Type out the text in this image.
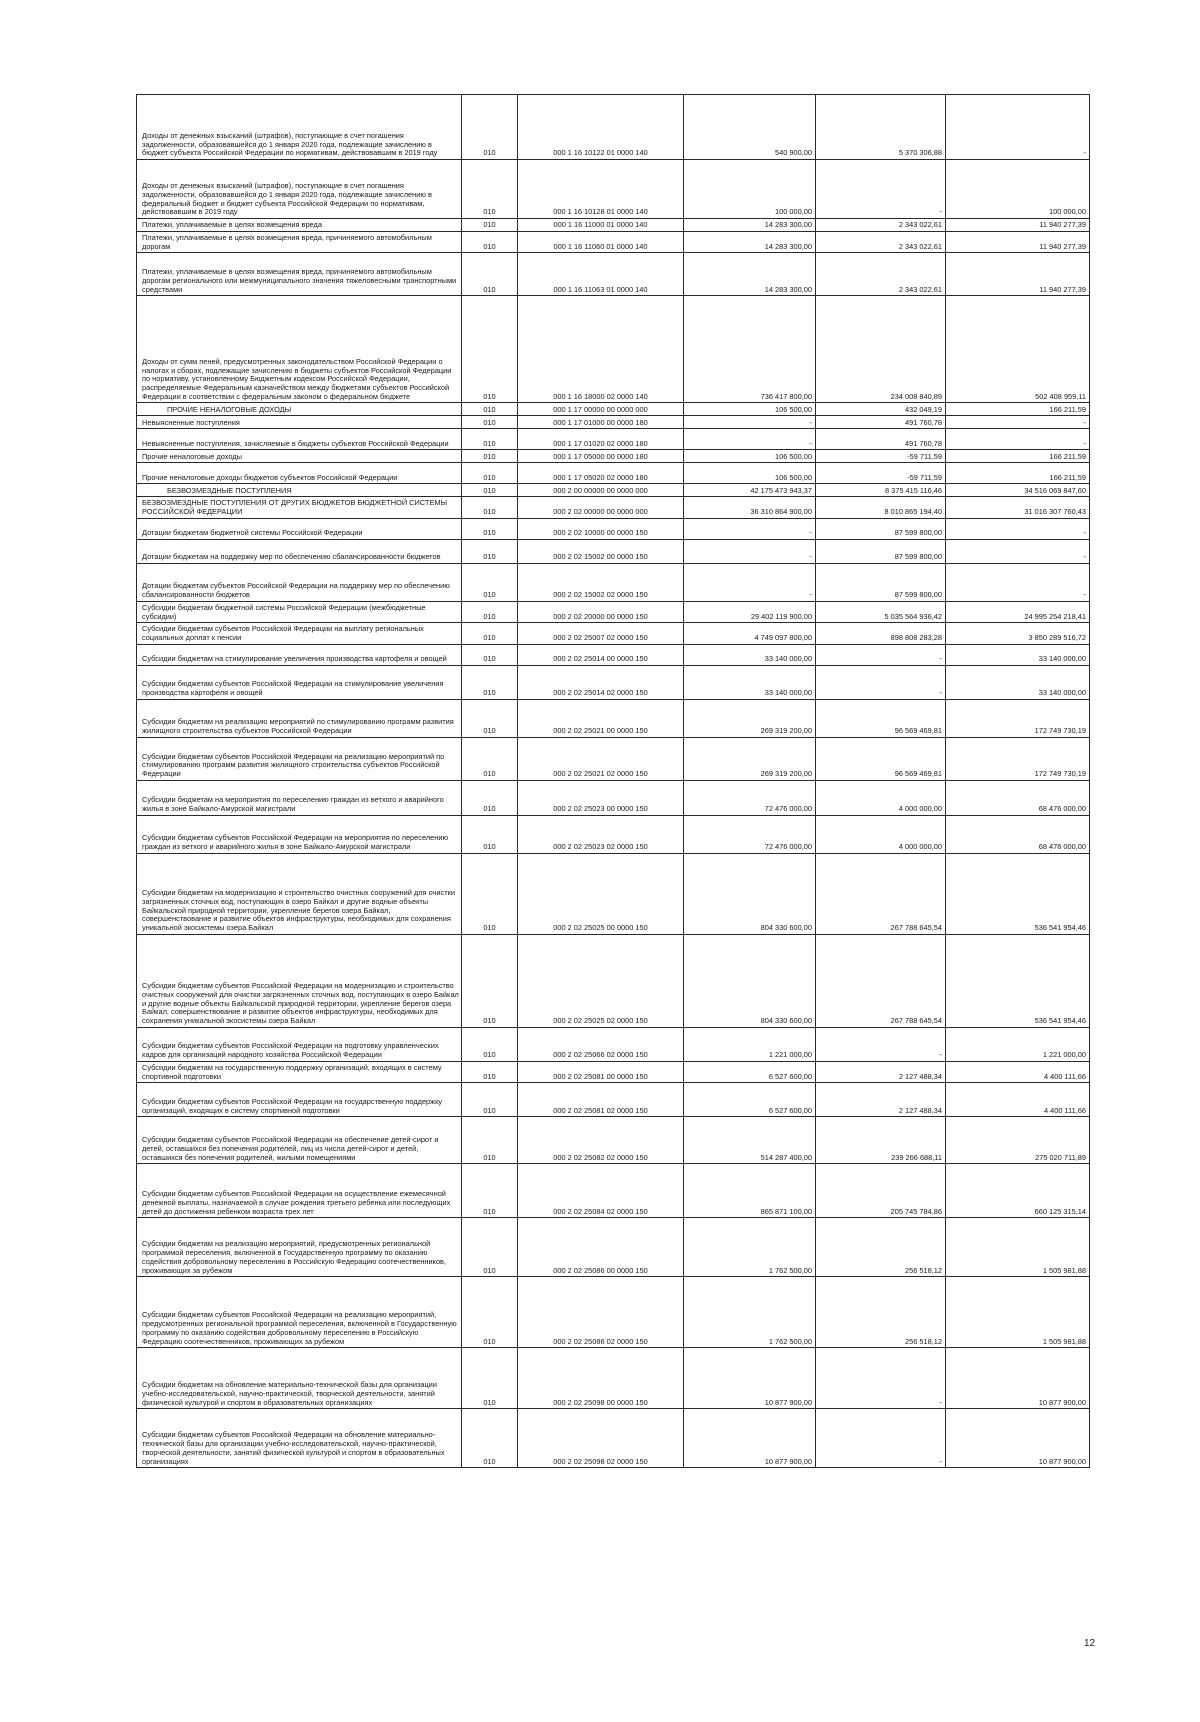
Доходы от денежных взысканий (штрафов), поступающие в счет погашения задолженности, образовавшейся до 1 января 2020 года, подлежащие зачислению в бюджет субъекта Российской Федерации по нормативам, действовавшим в 2019 году	010	000 1 16 10122 01 0000 140	540 900,00	5 370 306,88	-
Доходы от денежных взысканий (штрафов), поступающие в счет погашения задолженности, образовавшейся до 1 января 2020 года, подлежащие зачислению в федеральный бюджет и бюджет субъекта Российской Федерации по нормативам, действовавшим в 2019 году	010	000 1 16 10128 01 0000 140	100 000,00	-	100 000,00
Платежи, уплачиваемые в целях возмещения вреда	010	000 1 16 11000 01 0000 140	14 283 300,00	2 343 022,61	11 940 277,39
Платежи, уплачиваемые в целях возмещения вреда, причиняемого автомобильным дорогам	010	000 1 16 11060 01 0000 140	14 283 300,00	2 343 022,61	11 940 277,39
Платежи, уплачиваемые в целях возмещения вреда, причиняемого автомобильным дорогам регионального или межмуниципального значения тяжеловесными транспортными средствами	010	000 1 16 11063 01 0000 140	14 283 300,00	2 343 022,61	11 940 277,39
Доходы от сумм пеней, предусмотренных законодательством Российской Федерации о налогах и сборах, подлежащие зачислению в бюджеты субъектов Российской Федерации по нормативу, установленному Бюджетным кодексом Российской Федерации, распределяемые Федеральным казначейством между бюджетами субъектов Российской Федерации в соответствии с федеральным законом о федеральном бюджете	010	000 1 16 18000 02 0000 140	736 417 800,00	234 008 840,89	502 408 959,11
ПРОЧИЕ НЕНАЛОГОВЫЕ ДОХОДЫ	010	000 1 17 00000 00 0000 000	106 500,00	432 049,19	166 211,59
Невыясненные поступления	010	000 1 17 01000 00 0000 180	-	491 760,78	-
Невыясненные поступления, зачисляемые в бюджеты субъектов Российской Федерации	010	000 1 17 01020 02 0000 180	-	491 760,78	-
Прочие неналоговые доходы	010	000 1 17 05000 00 0000 180	106 500,00	-59 711,59	166 211,59
Прочие неналоговые доходы бюджетов субъектов Российской Федерации	010	000 1 17 05020 02 0000 180	106 500,00	-59 711,59	166 211,59
БЕЗВОЗМЕЗДНЫЕ ПОСТУПЛЕНИЯ	010	000 2 00 00000 00 0000 000	42 175 473 943,37	8 375 415 116,46	34 516 069 847,60
БЕЗВОЗМЕЗДНЫЕ ПОСТУПЛЕНИЯ ОТ ДРУГИХ БЮДЖЕТОВ БЮДЖЕТНОЙ СИСТЕМЫ РОССИЙСКОЙ ФЕДЕРАЦИИ	010	000 2 02 00000 00 0000 000	36 310 864 900,00	8 010 865 194,40	31 016 307 760,43
Дотации бюджетам бюджетной системы Российской Федерации	010	000 2 02 10000 00 0000 150	-	87 599 800,00	-
Дотации бюджетам на поддержку мер по обеспечению сбалансированности бюджетов	010	000 2 02 15002 00 0000 150	-	87 599 800,00	-
Дотации бюджетам субъектов Российской Федерации на поддержку мер по обеспечению сбалансированности бюджетов	010	000 2 02 15002 02 0000 150	-	87 599 800,00	-
Субсидии бюджетам бюджетной системы Российской Федерации (межбюджетные субсидии)	010	000 2 02 20000 00 0000 150	29 402 119 900,00	5 035 564 936,42	24 995 254 218,41
Субсидии бюджетам субъектов Российской Федерации на выплату региональных социальных доплат к пенсии	010	000 2 02 25007 02 0000 150	4 749 097 800,00	898 808 283,28	3 850 289 516,72
Субсидии бюджетам на стимулирование увеличения производства картофеля и овощей	010	000 2 02 25014 00 0000 150	33 140 000,00	-	33 140 000,00
Субсидии бюджетам субъектов Российской Федерации на стимулирование увеличения производства картофеля и овощей	010	000 2 02 25014 02 0000 150	33 140 000,00	-	33 140 000,00
Субсидии бюджетам на реализацию мероприятий по стимулированию программ развития жилищного строительства субъектов Российской Федерации	010	000 2 02 25021 00 0000 150	269 319 200,00	96 569 469,81	172 749 730,19
Субсидии бюджетам субъектов Российской Федерации на реализацию мероприятий по стимулированию программ развития жилищного строительства субъектов Российской Федерации	010	000 2 02 25021 02 0000 150	269 319 200,00	96 569 469,81	172 749 730,19
Субсидии бюджетам на мероприятия по переселению граждан из ветхого и аварийного жилья в зоне Байкало-Амурской магистрали	010	000 2 02 25023 00 0000 150	72 476 000,00	4 000 000,00	68 476 000,00
Субсидии бюджетам субъектов Российской Федерации на мероприятия по переселению граждан из ветхого и аварийного жилья в зоне Байкало-Амурской магистрали	010	000 2 02 25023 02 0000 150	72 476 000,00	4 000 000,00	68 476 000,00
Субсидии бюджетам на модернизацию и строительство очистных сооружений для очистки загрязненных сточных вод, поступающих в озеро Байкал и другие водные объекты Байкальской природной территории, укрепление берегов озера Байкал, совершенствование и развитие объектов инфраструктуры, необходимых для сохранения уникальной экосистемы озера Байкал	010	000 2 02 25025 00 0000 150	804 330 600,00	267 788 645,54	536 541 954,46
Субсидии бюджетам субъектов Российской Федерации на модернизацию и строительство очистных сооружений для очистки загрязненных сточных вод, поступающих в озеро Байкал и другие водные объекты Байкальской природной территории, укрепление берегов озера Байкал, совершенствование и развитие объектов инфраструктуры, необходимых для сохранения уникальной экосистемы озера Байкал	010	000 2 02 25025 02 0000 150	804 330 600,00	267 788 645,54	536 541 954,46
Субсидии бюджетам субъектов Российской Федерации на подготовку управленческих кадров для организаций народного хозяйства Российской Федерации	010	000 2 02 25066 02 0000 150	1 221 000,00	-	1 221 000,00
Субсидии бюджетам на государственную поддержку организаций, входящих в систему спортивной подготовки	010	000 2 02 25081 00 0000 150	6 527 600,00	2 127 488,34	4 400 111,66
Субсидии бюджетам субъектов Российской Федерации на государственную поддержку организаций, входящих в систему спортивной подготовки	010	000 2 02 25081 02 0000 150	6 527 600,00	2 127 488,34	4 400 111,66
Субсидии бюджетам субъектов Российской Федерации на обеспечение детей-сирот и детей, оставшихся без попечения родителей, лиц из числа детей-сирот и детей, оставшихся без попечения родителей, жилыми помещениями	010	000 2 02 25082 02 0000 150	514 287 400,00	239 266 688,11	275 020 711,89
Субсидии бюджетам субъектов Российской Федерации на осуществление ежемесячной денежной выплаты, назначаемой в случае рождения третьего ребенка или последующих детей до достижения ребенком возраста трех лет	010	000 2 02 25084 02 0000 150	865 871 100,00	205 745 784,86	660 125 315,14
Субсидии бюджетам на реализацию мероприятий, предусмотренных региональной программой переселения, включенной в Государственную программу по оказанию содействия добровольному переселению в Российскую Федерацию соотечественников, проживающих за рубежом	010	000 2 02 25086 00 0000 150	1 762 500,00	256 518,12	1 505 981,88
Субсидии бюджетам субъектов Российской Федерации на реализацию мероприятий, предусмотренных региональной программой переселения, включенной в Государственную программу по оказанию содействия добровольному переселению в Российскую Федерацию соотечественников, проживающих за рубежом	010	000 2 02 25086 02 0000 150	1 762 500,00	256 518,12	1 505 981,88
Субсидии бюджетам на обновление материально-технической базы для организации учебно-исследовательской, научно-практической, творческой деятельности, занятий физической культурой и спортом в образовательных организациях	010	000 2 02 25098 00 0000 150	10 877 900,00	-	10 877 900,00
Субсидии бюджетам субъектов Российской Федерации на обновление материально-технической базы для организации учебно-исследовательской, научно-практической, творческой деятельности, занятий физической культурой и спортом в образовательных организациях	010	000 2 02 25098 02 0000 150	10 877 900,00	-	10 877 900,00
12
